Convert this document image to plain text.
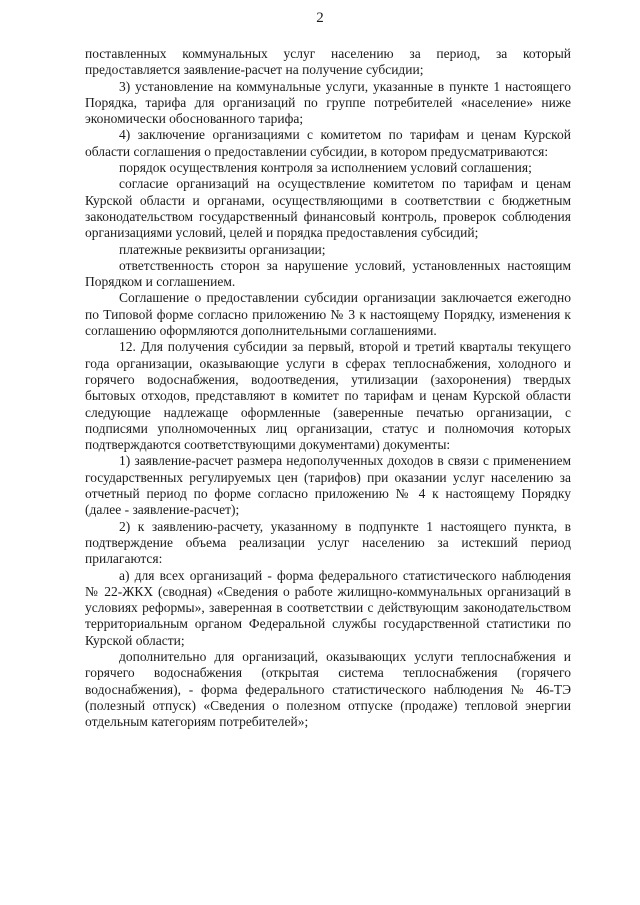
2

поставленных коммунальных услуг населению за период, за который предоставляется заявление-расчет на получение субсидии;

3) установление на коммунальные услуги, указанные в пункте 1 настоящего Порядка, тарифа для организаций по группе потребителей «население» ниже экономически обоснованного тарифа;

4) заключение организациями с комитетом по тарифам и ценам Курской области соглашения о предоставлении субсидии, в котором предусматриваются:

порядок осуществления контроля за исполнением условий соглашения;

согласие организаций на осуществление комитетом по тарифам и ценам Курской области и органами, осуществляющими в соответствии с бюджетным законодательством государственный финансовый контроль, проверок соблюдения организациями условий, целей и порядка предоставления субсидий;

платежные реквизиты организации;

ответственность сторон за нарушение условий, установленных настоящим Порядком и соглашением.

Соглашение о предоставлении субсидии организации заключается ежегодно по Типовой форме согласно приложению № 3 к настоящему Порядку, изменения к соглашению оформляются дополнительными соглашениями.

12. Для получения субсидии за первый, второй и третий кварталы текущего года организации, оказывающие услуги в сферах теплоснабжения, холодного и горячего водоснабжения, водоотведения, утилизации (захоронения) твердых бытовых отходов, представляют в комитет по тарифам и ценам Курской области следующие надлежаще оформленные (заверенные печатью организации, с подписями уполномоченных лиц организации, статус и полномочия которых подтверждаются соответствующими документами) документы:

1) заявление-расчет размера недополученных доходов в связи с применением государственных регулируемых цен (тарифов) при оказании услуг населению за отчетный период по форме согласно приложению № 4 к настоящему Порядку (далее - заявление-расчет);

2) к заявлению-расчету, указанному в подпункте 1 настоящего пункта, в подтверждение объема реализации услуг населению за истекший период прилагаются:

а) для всех организаций - форма федерального статистического наблюдения № 22-ЖКХ (сводная) «Сведения о работе жилищно-коммунальных организаций в условиях реформы», заверенная в соответствии с действующим законодательством территориальным органом Федеральной службы государственной статистики по Курской области;

дополнительно для организаций, оказывающих услуги теплоснабжения и горячего водоснабжения (открытая система теплоснабжения (горячего водоснабжения), - форма федерального статистического наблюдения № 46-ТЭ (полезный отпуск) «Сведения о полезном отпуске (продаже) тепловой энергии отдельным категориям потребителей»;
